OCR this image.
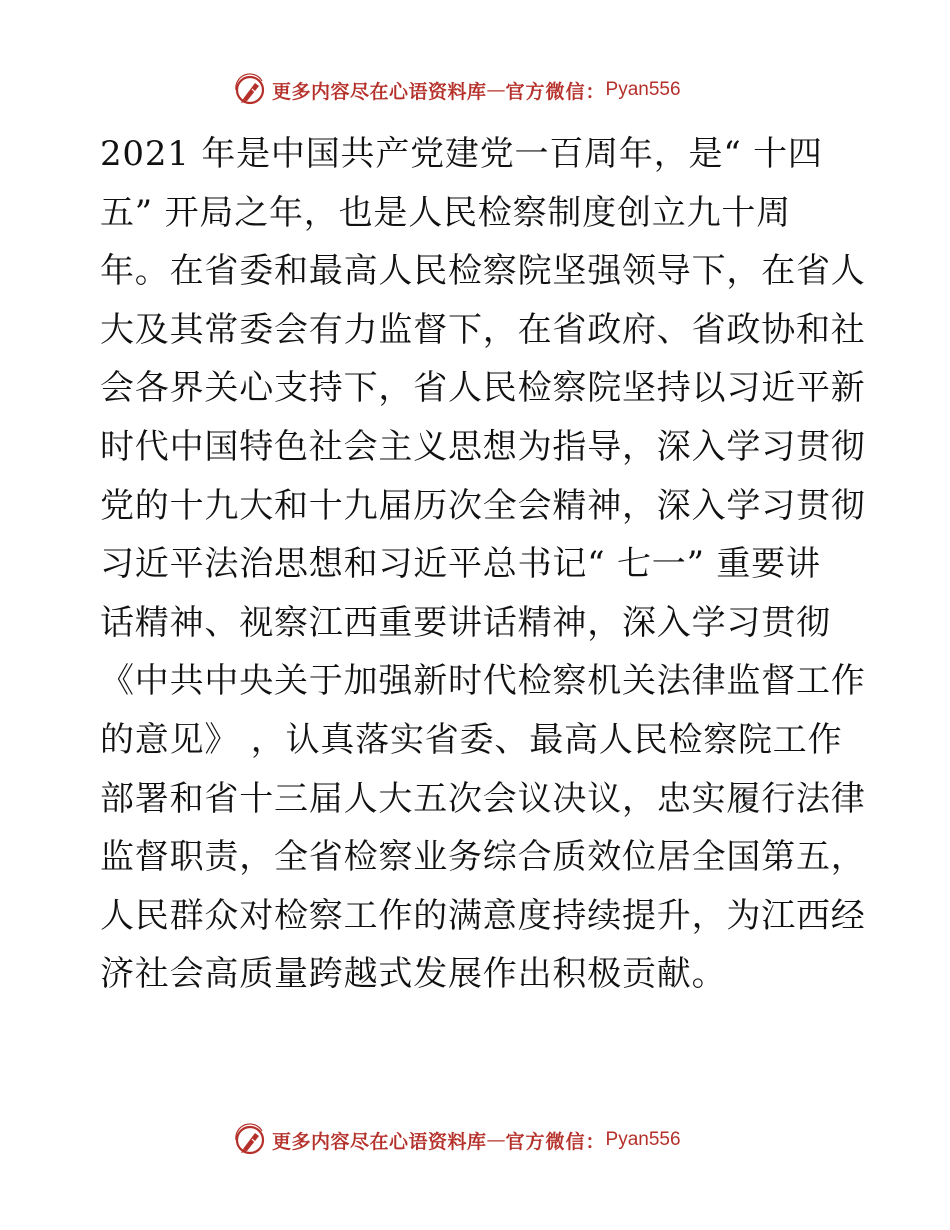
更多内容尽在心语资料库 — 官方微信： Pyan556
2021 年是中国共产党建党一百周年，是“ 十四
五” 开局之年，也是人民检察制度创立九十周
年。在省委和最高人民检察院坚强领导下，在省人
大及其常委会有力监督下，在省政府、省政协和社
会各界关心支持下，省人民检察院坚持以习近平新
时代中国特色社会主义思想为指导，深入学习贯彻
党的十九大和十九届历次全会精神，深入学习贯彻
习近平法治思想和习近平总书记“ 七一” 重要讲
话精神、视察江西重要讲话精神，深入学习贯彻
《中共中央关于加强新时代检察机关法律监督工作
的意见》 ，认真落实省委、最高人民检察院工作
部署和省十三届人大五次会议决议，忠实履行法律
监督职责，全省检察业务综合质效位居全国第五，
人民群众对检察工作的满意度持续提升，为江西经
济社会高质量跨越式发展作出积极贡献。
更多内容尽在心语资料库 — 官方微信： Pyan556
